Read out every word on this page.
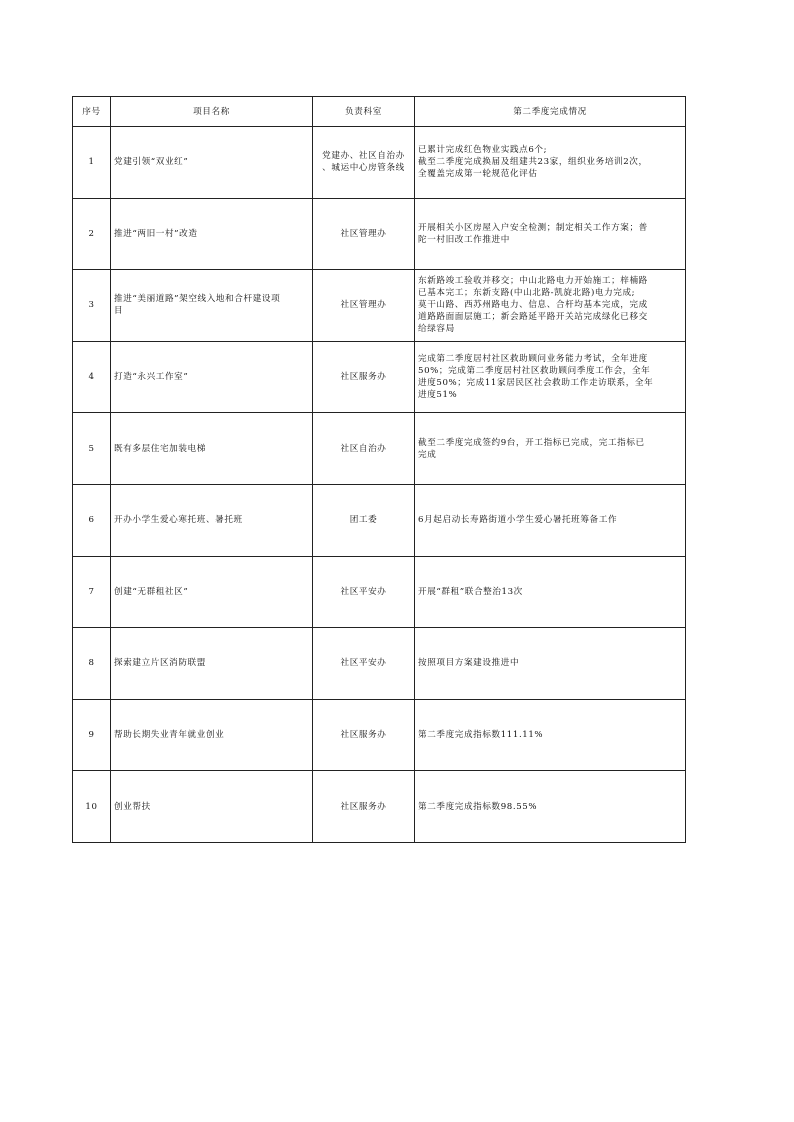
序号	项目名称	负责科室	第二季度完成情况
1	党建引领“双业红”	党建办、社区自治办
、城运中心房管条线	已累计完成红色物业实践点6个;
截至二季度完成换届及组建共23家，组织业务培训2次，
全覆盖完成第一轮规范化评估
2	推进“两旧一村”改造	社区管理办	开展相关小区房屋入户安全检测；制定相关工作方案；普
陀一村旧改工作推进中
3	推进“美丽道路”架空线入地和合杆建设项
目	社区管理办	东新路竣工验收并移交；中山北路电力开始施工；梓楠路
已基本完工；东新支路(中山北路-凯旋北路)电力完成;
莫干山路、西苏州路电力、信息、合杆均基本完成，完成
道路路面面层施工；新会路延平路开关站完成绿化已移交
给绿容局
4	打造“永兴工作室”	社区服务办	完成第二季度居村社区救助顾问业务能力考试，全年进度
50%；完成第二季度居村社区救助顾问季度工作会，全年
进度50%；完成11家居民区社会救助工作走访联系，全年
进度51%
5	既有多层住宅加装电梯	社区自治办	截至二季度完成签约9台，开工指标已完成，完工指标已
完成
6	开办小学生爱心寒托班、暑托班	团工委	6月起启动长寿路街道小学生爱心暑托班筹备工作
7	创建“无群租社区”	社区平安办	开展“群租”联合整治13次
8	探索建立片区消防联盟	社区平安办	按照项目方案建设推进中
9	帮助长期失业青年就业创业	社区服务办	第二季度完成指标数111.11%
10	创业帮扶	社区服务办	第二季度完成指标数98.55%
